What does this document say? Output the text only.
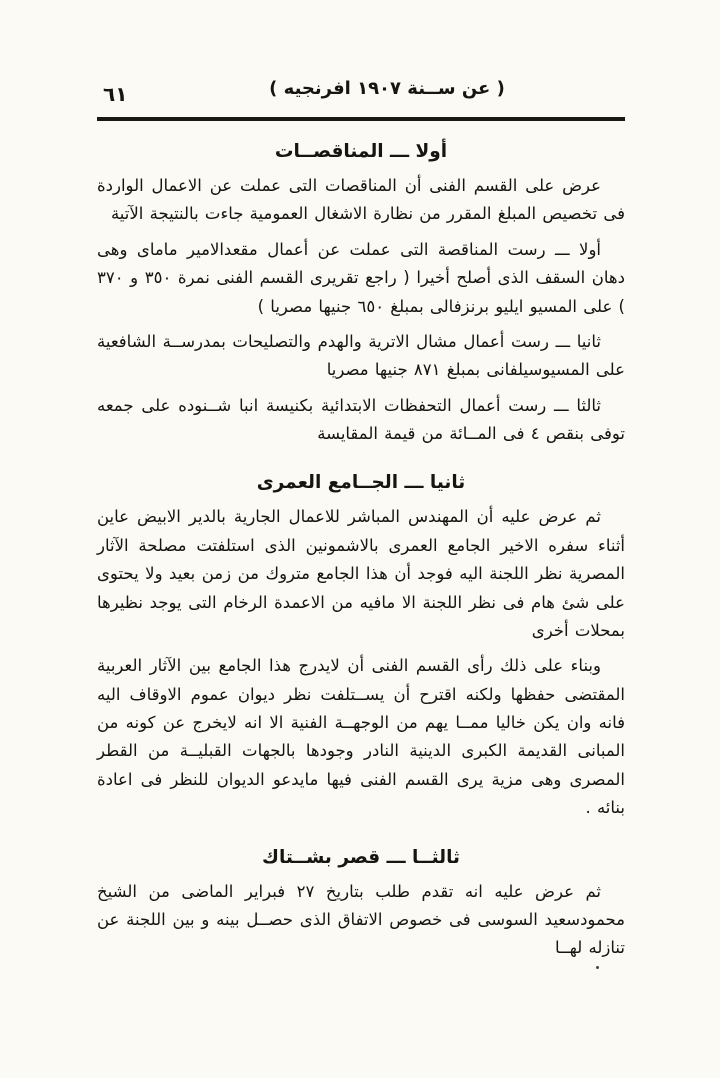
٦١	( عن ســنة ١٩٠٧ افرنجيه )
أولا ـــ المناقصــات

عرض على القسم الفنى أن المناقصات التى عملت عن الاعمال الواردة فى تخصيص المبلغ المقرر من نظارة الاشغال العمومية جاءت بالنتيجة الآتية

أولا ـــ رست المناقصة التى عملت عن أعمال مقعدالامير ماماى وهى دهان السقف الذى أصلح أخيرا ( راجع تقريرى القسم الفنى نمرة ٣٥٠ و ٣٧٠ ) على المسيو ايليو برنزفالى بمبلغ ٦٥٠ جنيها مصريا )

ثانيا ـــ رست أعمال مشال الاترية والهدم والتصليحات بمدرســة الشافعية على المسيوسيلفانى بمبلغ ٨٧١ جنيها مصريا

ثالثا ـــ رست أعمال التحفظات الابتدائية بكنيسة انبا شــنوده على جمعه توفى بنقص ٤ فى المــائة من قيمة المقايسة

ثانيا ـــ الجــامع العمرى

ثم عرض عليه أن المهندس المباشر للاعمال الجارية بالدير الابيض عاين أثناء سفره الاخير الجامع العمرى بالاشمونين الذى استلفتت مصلحة الآثار المصرية نظر اللجنة اليه فوجد أن هذا الجامع متروك من زمن بعيد ولا يحتوى على شئ هام فى نظر اللجنة الا مافيه من الاعمدة الرخام التى يوجد نظيرها بمحلات أخرى

وبناء على ذلك رأى القسم الفنى أن لايدرج هذا الجامع بين الآثار العربية المقتضى حفظها ولكنه اقترح أن يســتلفت نظر ديوان عموم الاوقاف اليه فانه وان يكن خاليا ممــا يهم من الوجهــة الفنية الا انه لايخرج عن كونه من المبانى القديمة الكبرى الدينية النادر وجودها بالجهات القبليــة من القطر المصرى وهى مزية يرى القسم الفنى فيها مايدعو الديوان للنظر فى اعادة بنائه .

ثالثــا ـــ قصر بشــتاك

ثم عرض عليه انه تقدم طلب بتاريخ ٢٧ فبراير الماضى من الشيخ محمودسعيد السوسى فى خصوص الاتفاق الذى حصــل بينه و بين اللجنة عن تنازله لهــا
